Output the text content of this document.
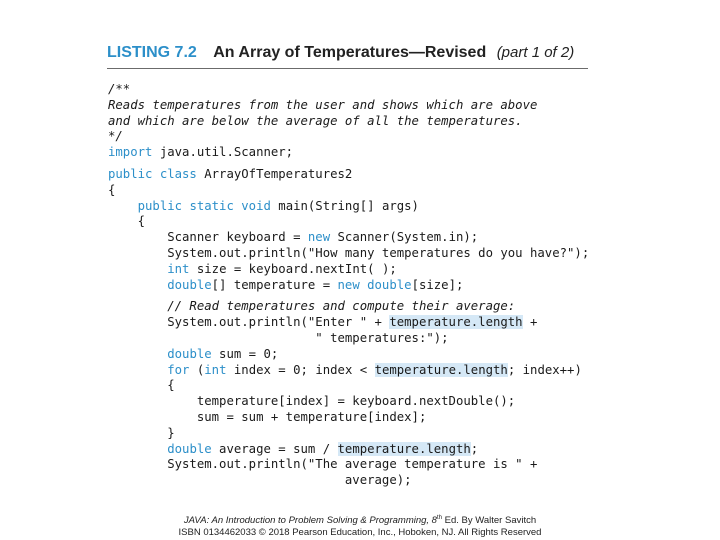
LISTING 7.2 An Array of Temperatures—Revised (part 1 of 2)
/**
Reads temperatures from the user and shows which are above
and which are below the average of all the temperatures.
*/
import java.util.Scanner;
public class ArrayOfTemperatures2
{
public static void main(String[] args)
{
Scanner keyboard = new Scanner(System.in);
System.out.println("How many temperatures do you have?");
int size = keyboard.nextInt( );
double[] temperature = new double[size];
// Read temperatures and compute their average:
System.out.println("Enter " + temperature.length +
" temperatures:");
double sum = 0;
for (int index = 0; index < temperature.length; index++)
{
temperature[index] = keyboard.nextDouble();
sum = sum + temperature[index];
}
double average = sum / temperature.length;
System.out.println("The average temperature is " +
average);
JAVA: An Introduction to Problem Solving & Programming, 8th Ed. By Walter Savitch
ISBN 0134462033 © 2018 Pearson Education, Inc., Hoboken, NJ. All Rights Reserved
